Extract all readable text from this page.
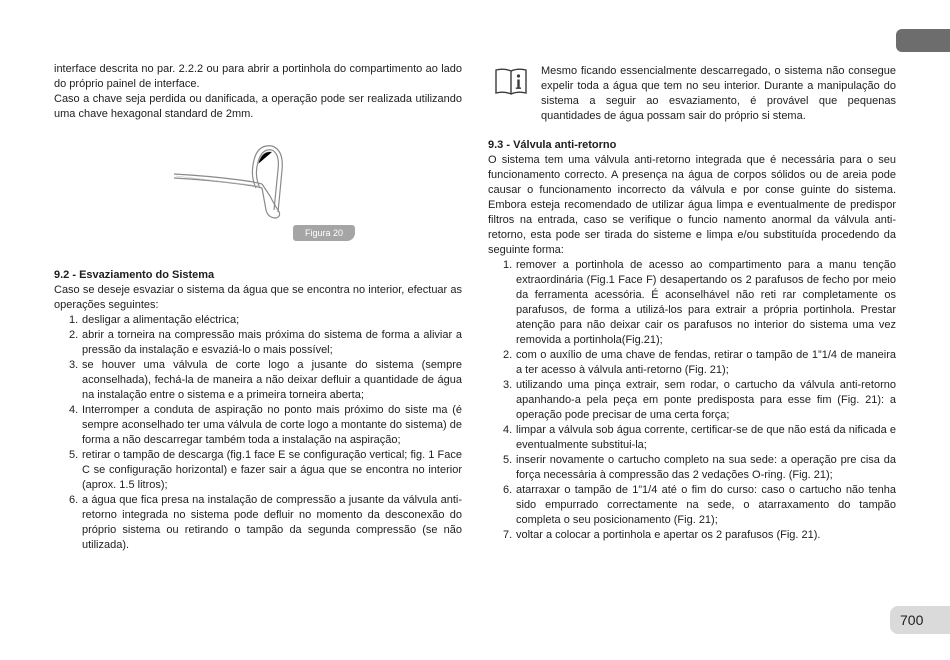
interface descrita no par. 2.2.2 ou para abrir a portinhola do compartimento ao lado do próprio painel de interface.

Caso a chave seja perdida ou danificada, a operação pode ser realizada utilizando uma chave hexagonal standard de 2mm.

Figura 20

9.2 - Esvaziamento do Sistema

Caso se deseje esvaziar o sistema da água que se encontra no interior, efectuar as operações seguintes:

1. desligar a alimentação eléctrica;
2. abrir a torneira na compressão mais próxima do sistema de forma a aliviar a pressão da instalação e esvaziá-lo o mais possível;
3. se houver uma válvula de corte logo a jusante do sistema (sempre aconselhada), fechá-la de maneira a não deixar defluir a quantidade de água na instalação entre o sistema e a primeira torneira aberta;
4. Interromper a conduta de aspiração no ponto mais próximo do siste ma (é sempre aconselhado ter uma válvula de corte logo a montante do sistema) de forma a não descarregar também toda a instalação na aspiração;
5. retirar o tampão de descarga (fig.1 face E se configuração vertical; fig. 1 Face C se configuração horizontal) e fazer sair a água que se encontra no interior (aprox. 1.5 litros);
6. a água que fica presa na instalação de compressão a jusante da válvula anti-retorno integrada no sistema pode defluir no momento da desconexão do próprio sistema ou retirando o tampão da segunda compressão (se não utilizada).

Mesmo ficando essencialmente descarregado, o sistema não consegue expelir toda a água que tem no seu interior. Durante a manipulação do sistema a seguir ao esvaziamento, é provável que pequenas quantidades de água possam sair do próprio si stema.

9.3 - Válvula anti-retorno

O sistema tem uma válvula anti-retorno integrada que é necessária para o seu funcionamento correcto. A presença na água de corpos sólidos ou de areia pode causar o funcionamento incorrecto da válvula e por conse guinte do sistema. Embora esteja recomendado de utilizar água limpa e eventualmente de predispor filtros na entrada, caso se verifique o funcio namento anormal da válvula anti-retorno, esta pode ser tirada do sisteme e limpa e/ou substituída procedendo da seguinte forma:

1. remover a portinhola de acesso ao compartimento para a manu tenção extraordinária (Fig.1 Face F) desapertando os 2 parafusos de fecho por meio da ferramenta acessória. É aconselhável não reti rar completamente os parafusos, de forma a utilizá-los para extrair a própria portinhola. Prestar atenção para não deixar cair os parafusos no interior do sistema uma vez removida a portinhola(Fig.21);
2. com o auxílio de uma chave de fendas, retirar o tampão de 1”1/4 de maneira a ter acesso à válvula anti-retorno (Fig. 21);
3. utilizando uma pinça extrair, sem rodar, o cartucho da válvula anti-retorno apanhando-a pela peça em ponte predisposta para esse fim (Fig. 21): a operação pode precisar de uma certa força;
4. limpar a válvula sob água corrente, certificar-se de que não está da nificada e eventualmente substitui-la;
5. inserir novamente o cartucho completo na sua sede: a operação pre cisa da força necessária à compressão das 2 vedações O-ring. (Fig. 21);
6. atarraxar o tampão de 1”1/4 até o fim do curso: caso o cartucho não tenha sido empurrado correctamente na sede, o atarraxamento do tampão completa o seu posicionamento (Fig. 21);
7. voltar a colocar a portinhola e apertar os 2 parafusos (Fig. 21).
700
